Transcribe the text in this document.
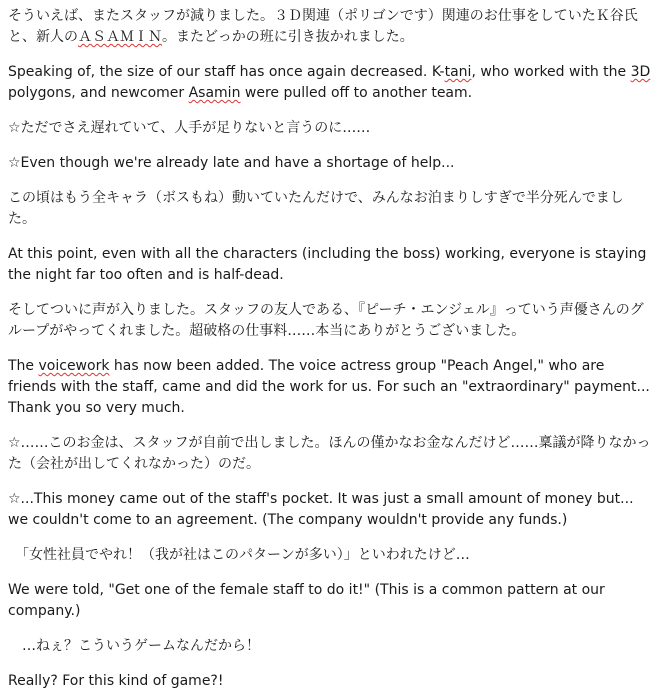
そういえば、またスタッフが減りました。３Ｄ関連（ポリゴンです）関連のお仕事をしていたＫ谷氏と、新人のＡＳＡＭＩＮ。またどっかの班に引き抜かれました。

Speaking of, the size of our staff has once again decreased. K-tani, who worked with the 3D polygons, and newcomer Asamin were pulled off to another team.

☆ただでさえ遅れていて、人手が足りないと言うのに……

☆Even though we're already late and have a shortage of help...

この頃はもう全キャラ（ボスもね）動いていたんだけで、みんなお泊まりしすぎで半分死んでました。

At this point, even with all the characters (including the boss) working, everyone is staying the night far too often and is half-dead.

そしてついに声が入りました。スタッフの友人である、『ピーチ・エンジェル』っていう声優さんのグループがやってくれました。超破格の仕事料……本当にありがとうございました。

The voicework has now been added. The voice actress group "Peach Angel," who are friends with the staff, came and did the work for us. For such an "extraordinary" payment... Thank you so very much.

☆……このお金は、スタッフが自前で出しました。ほんの僅かなお金なんだけど……稟議が降りなかった（会社が出してくれなかった）のだ。

☆...This money came out of the staff's pocket. It was just a small amount of money but... we couldn't come to an agreement. (The company wouldn't provide any funds.)

　「女性社員でやれ！（我が社はこのパターンが多い）」といわれたけど…

We were told, "Get one of the female staff to do it!" (This is a common pattern at our company.)

　…ねぇ？こういうゲームなんだから！

Really? For this kind of game?!
